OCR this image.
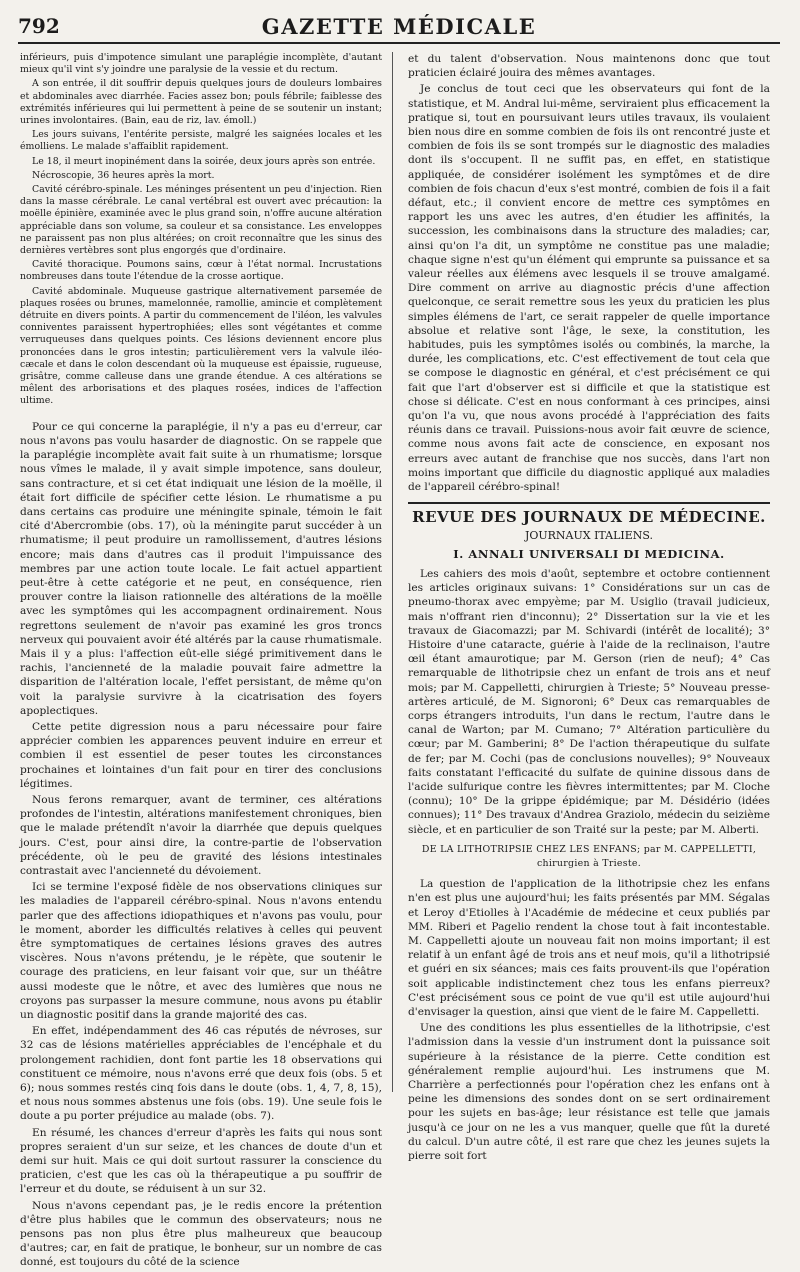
792	GAZETTE MÉDICALE

inférieurs, puis d'impotence simulant une paraplégie incomplète, d'autant mieux qu'il vint s'y joindre une paralysie de la vessie et du rectum.

A son entrée, il dit souffrir depuis quelques jours de douleurs lombaires et abdominales avec diarrhée. Facies assez bon; pouls fébrile; faiblesse des extrémités inférieures qui lui permettent à peine de se soutenir un instant; urines involontaires. (Bain, eau de riz, lav. émoll.)

Les jours suivans, l'entérite persiste, malgré les saignées locales et les émolliens. Le malade s'affaiblit rapidement.

Le 18, il meurt inopinément dans la soirée, deux jours après son entrée.

Nécroscopie, 36 heures après la mort.

Cavité cérébro-spinale. Les méninges présentent un peu d'injection. Rien dans la masse cérébrale. Le canal vertébral est ouvert avec précaution: la moëlle épinière, examinée avec le plus grand soin, n'offre aucune altération appréciable dans son volume, sa couleur et sa consistance. Les enveloppes ne paraissent pas non plus altérées; on croit reconnaître que les sinus des dernières vertèbres sont plus engorgés que d'ordinaire.

Cavité thoracique. Poumons sains, cœur à l'état normal. Incrustations nombreuses dans toute l'étendue de la crosse aortique.

Cavité abdominale. Muqueuse gastrique alternativement parsemée de plaques rosées ou brunes, mamelonnée, ramollie, amincie et complètement détruite en divers points. A partir du commencement de l'iléon, les valvules conniventes paraissent hypertrophiées; elles sont végétantes et comme verruqueuses dans quelques points. Ces lésions deviennent encore plus prononcées dans le gros intestin; particulièrement vers la valvule iléo-cæcale et dans le colon descendant où la muqueuse est épaissie, rugueuse, grisâtre, comme calleuse dans une grande étendue. A ces altérations se mêlent des arborisations et des plaques rosées, indices de l'affection ultime.

Pour ce qui concerne la paraplégie, il n'y a pas eu d'erreur, car nous n'avons pas voulu hasarder de diagnostic. On se rappele que la paraplégie incomplète avait fait suite à un rhumatisme; lorsque nous vîmes le malade, il y avait simple impotence, sans douleur, sans contracture, et si cet état indiquait une lésion de la moëlle, il était fort difficile de spécifier cette lésion. Le rhumatisme a pu dans certains cas produire une méningite spinale, témoin le fait cité d'Abercrombie (obs. 17), où la méningite parut succéder à un rhumatisme; il peut produire un ramollissement, d'autres lésions encore; mais dans d'autres cas il produit l'impuissance des membres par une action toute locale. Le fait actuel appartient peut-être à cette catégorie et ne peut, en conséquence, rien prouver contre la liaison rationnelle des altérations de la moëlle avec les symptômes qui les accompagnent ordinairement. Nous regrettons seulement de n'avoir pas examiné les gros troncs nerveux qui pouvaient avoir été altérés par la cause rhumatismale. Mais il y a plus: l'affection eût-elle siégé primitivement dans le rachis, l'ancienneté de la maladie pouvait faire admettre la disparition de l'altération locale, l'effet persistant, de même qu'on voit la paralysie survivre à la cicatrisation des foyers apoplectiques.

Cette petite digression nous a paru nécessaire pour faire apprécier combien les apparences peuvent induire en erreur et combien il est essentiel de peser toutes les circonstances prochaines et lointaines d'un fait pour en tirer des conclusions légitimes.

Nous ferons remarquer, avant de terminer, ces altérations profondes de l'intestin, altérations manifestement chroniques, bien que le malade prétendît n'avoir la diarrhée que depuis quelques jours. C'est, pour ainsi dire, la contre-partie de l'observation précédente, où le peu de gravité des lésions intestinales contrastait avec l'ancienneté du dévoiement.

Ici se termine l'exposé fidèle de nos observations cliniques sur les maladies de l'appareil cérébro-spinal. Nous n'avons entendu parler que des affections idiopathiques et n'avons pas voulu, pour le moment, aborder les difficultés relatives à celles qui peuvent être symptomatiques de certaines lésions graves des autres viscères. Nous n'avons prétendu, je le répète, que soutenir le courage des praticiens, en leur faisant voir que, sur un théâtre aussi modeste que le nôtre, et avec des lumières que nous ne croyons pas surpasser la mesure commune, nous avons pu établir un diagnostic positif dans la grande majorité des cas.

En effet, indépendamment des 46 cas réputés de névroses, sur 32 cas de lésions matérielles appréciables de l'encéphale et du prolongement rachidien, dont font partie les 18 observations qui constituent ce mémoire, nous n'avons erré que deux fois (obs. 5 et 6); nous sommes restés cinq fois dans le doute (obs. 1, 4, 7, 8, 15), et nous nous sommes abstenus une fois (obs. 19). Une seule fois le doute a pu porter préjudice au malade (obs. 7).

En résumé, les chances d'erreur d'après les faits qui nous sont propres seraient d'un sur seize, et les chances de doute d'un et demi sur huit. Mais ce qui doit surtout rassurer la conscience du praticien, c'est que les cas où la thérapeutique a pu souffrir de l'erreur et du doute, se réduisent à un sur 32.

Nous n'avons cependant pas, je le redis encore la prétention d'être plus habiles que le commun des observateurs; nous ne pensons pas non plus être plus malheureux que beaucoup d'autres; car, en fait de pratique, le bonheur, sur un nombre de cas donné, est toujours du côté de la science

et du talent d'observation. Nous maintenons donc que tout praticien éclairé jouira des mêmes avantages.

Je conclus de tout ceci que les observateurs qui font de la statistique, et M. Andral lui-même, serviraient plus efficacement la pratique si, tout en poursuivant leurs utiles travaux, ils voulaient bien nous dire en somme combien de fois ils ont rencontré juste et combien de fois ils se sont trompés sur le diagnostic des maladies dont ils s'occupent. Il ne suffit pas, en effet, en statistique appliquée, de considérer isolément les symptômes et de dire combien de fois chacun d'eux s'est montré, combien de fois il a fait défaut, etc.; il convient encore de mettre ces symptômes en rapport les uns avec les autres, d'en étudier les affinités, la succession, les combinaisons dans la structure des maladies; car, ainsi qu'on l'a dit, un symptôme ne constitue pas une maladie; chaque signe n'est qu'un élément qui emprunte sa puissance et sa valeur réelles aux élémens avec lesquels il se trouve amalgamé. Dire comment on arrive au diagnostic précis d'une affection quelconque, ce serait remettre sous les yeux du praticien les plus simples élémens de l'art, ce serait rappeler de quelle importance absolue et relative sont l'âge, le sexe, la constitution, les habitudes, puis les symptômes isolés ou combinés, la marche, la durée, les complications, etc. C'est effectivement de tout cela que se compose le diagnostic en général, et c'est précisément ce qui fait que l'art d'observer est si difficile et que la statistique est chose si délicate. C'est en nous conformant à ces principes, ainsi qu'on l'a vu, que nous avons procédé à l'appréciation des faits réunis dans ce travail. Puissions-nous avoir fait œuvre de science, comme nous avons fait acte de conscience, en exposant nos erreurs avec autant de franchise que nos succès, dans l'art non moins important que difficile du diagnostic appliqué aux maladies de l'appareil cérébro-spinal!

REVUE DES JOURNAUX DE MÉDECINE.
JOURNAUX ITALIENS.
I. ANNALI UNIVERSALI DI MEDICINA.

Les cahiers des mois d'août, septembre et octobre contiennent les articles originaux suivans: 1° Considérations sur un cas de pneumo-thorax avec empyème; par M. Usiglio (travail judicieux, mais n'offrant rien d'inconnu); 2° Dissertation sur la vie et les travaux de Giacomazzi; par M. Schivardi (intérêt de localité); 3° Histoire d'une cataracte, guérie à l'aide de la reclinaison, l'autre œil étant amaurotique; par M. Gerson (rien de neuf); 4° Cas remarquable de lithotripsie chez un enfant de trois ans et neuf mois; par M. Cappelletti, chirurgien à Trieste; 5° Nouveau presse-artères articulé, de M. Signoroni; 6° Deux cas remarquables de corps étrangers introduits, l'un dans le rectum, l'autre dans le canal de Warton; par M. Cumano; 7° Altération particulière du cœur; par M. Gamberini; 8° De l'action thérapeutique du sulfate de fer; par M. Cochi (pas de conclusions nouvelles); 9° Nouveaux faits constatant l'efficacité du sulfate de quinine dissous dans de l'acide sulfurique contre les fièvres intermittentes; par M. Cloche (connu); 10° De la grippe épidémique; par M. Désidério (idées connues); 11° Des travaux d'Andrea Graziolo, médecin du seizième siècle, et en particulier de son Traité sur la peste; par M. Alberti.

DE LA LITHOTRIPSIE CHEZ LES ENFANS; par M. CAPPELLETTI, chirurgien à Trieste.

La question de l'application de la lithotripsie chez les enfans n'en est plus une aujourd'hui; les faits présentés par MM. Ségalas et Leroy d'Etiolles à l'Académie de médecine et ceux publiés par MM. Riberi et Pagelio rendent la chose tout à fait incontestable. M. Cappelletti ajoute un nouveau fait non moins important; il est relatif à un enfant âgé de trois ans et neuf mois, qu'il a lithotripsié et guéri en six séances; mais ces faits prouvent-ils que l'opération soit applicable indistinctement chez tous les enfans pierreux? C'est précisément sous ce point de vue qu'il est utile aujourd'hui d'envisager la question, ainsi que vient de le faire M. Cappelletti.

Une des conditions les plus essentielles de la lithotripsie, c'est l'admission dans la vessie d'un instrument dont la puissance soit supérieure à la résistance de la pierre. Cette condition est généralement remplie aujourd'hui. Les instrumens que M. Charrière a perfectionnés pour l'opération chez les enfans ont à peine les dimensions des sondes dont on se sert ordinairement pour les sujets en bas-âge; leur résistance est telle que jamais jusqu'à ce jour on ne les a vus manquer, quelle que fût la dureté du calcul. D'un autre côté, il est rare que chez les jeunes sujets la pierre soit fort
